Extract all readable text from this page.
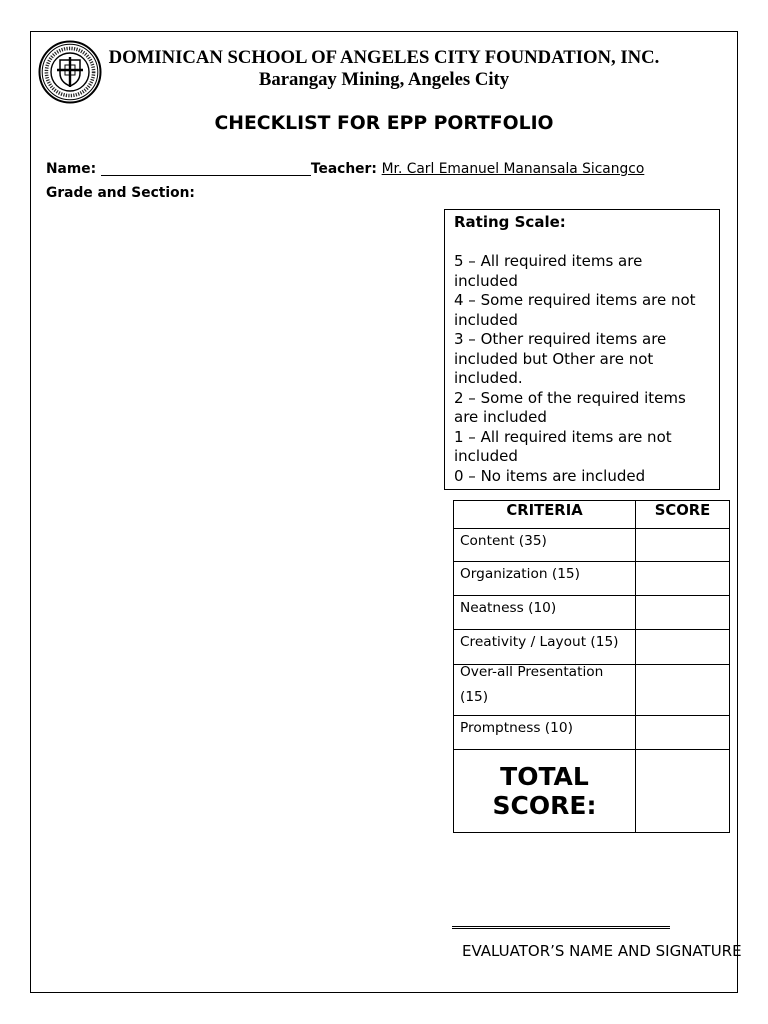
DOMINICAN SCHOOL OF ANGELES CITY FOUNDATION, INC.
Barangay Mining, Angeles City
CHECKLIST FOR EPP PORTFOLIO
Name:	Teacher: Mr. Carl Emanuel Manansala Sicangco
Grade and Section:
Rating Scale:
5 – All required items are included
4 – Some required items are not included
3 – Other required items are included but Other are not included.
2 – Some of the required items are included
1 – All required items are not included
0 – No items are included
CRITERIA	SCORE
Content (35)	
Organization (15)	
Neatness (10)	
Creativity / Layout (15)	

Over-all Presentation (15)	

Promptness (10)	
TOTAL SCORE:	
EVALUATOR’S NAME AND SIGNATURE
